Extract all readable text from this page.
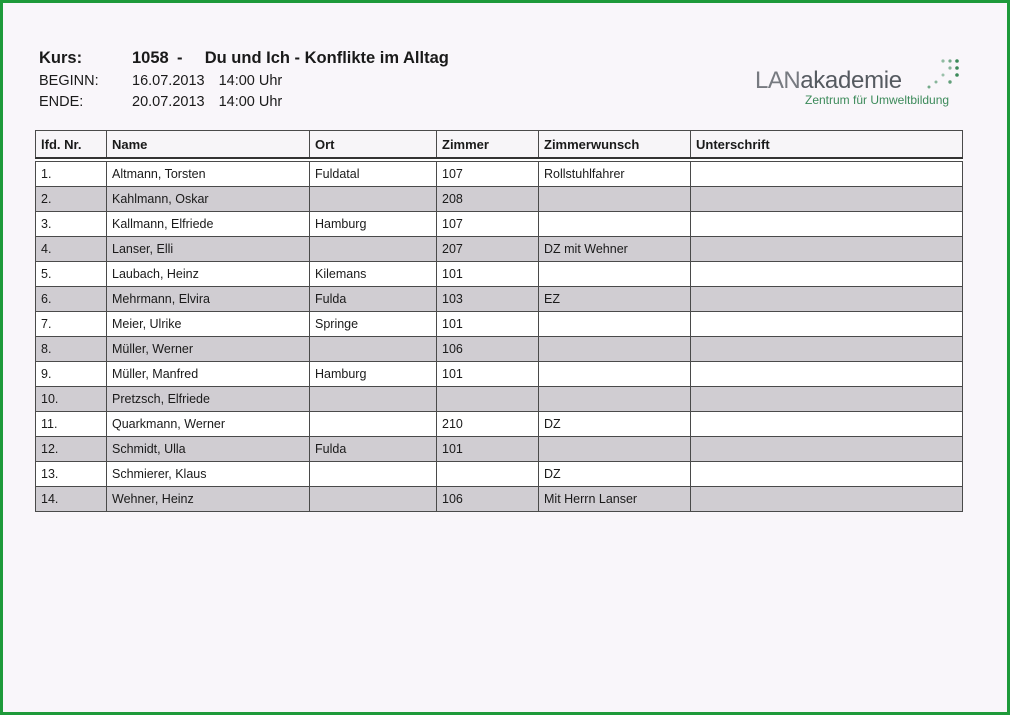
Kurs:	1058 - Du und Ich - Konflikte im Alltag
BEGINN:	16.07.2013 14:00 Uhr
ENDE:	20.07.2013 14:00 Uhr
LANakademie
Zentrum für Umweltbildung
lfd. Nr.	Name	Ort	Zimmer	Zimmerwunsch	Unterschrift

1.	Altmann, Torsten	Fuldatal	107	Rollstuhlfahrer	
2.	Kahlmann, Oskar		208		
3.	Kallmann, Elfriede	Hamburg	107		
4.	Lanser, Elli		207	DZ mit Wehner	
5.	Laubach, Heinz	Kilemans	101		
6.	Mehrmann, Elvira	Fulda	103	EZ	
7.	Meier, Ulrike	Springe	101		
8.	Müller, Werner		106		
9.	Müller, Manfred	Hamburg	101		
10.	Pretzsch, Elfriede				
11.	Quarkmann, Werner		210	DZ	
12.	Schmidt, Ulla	Fulda	101		
13.	Schmierer, Klaus			DZ	
14.	Wehner, Heinz		106	Mit Herrn Lanser	
